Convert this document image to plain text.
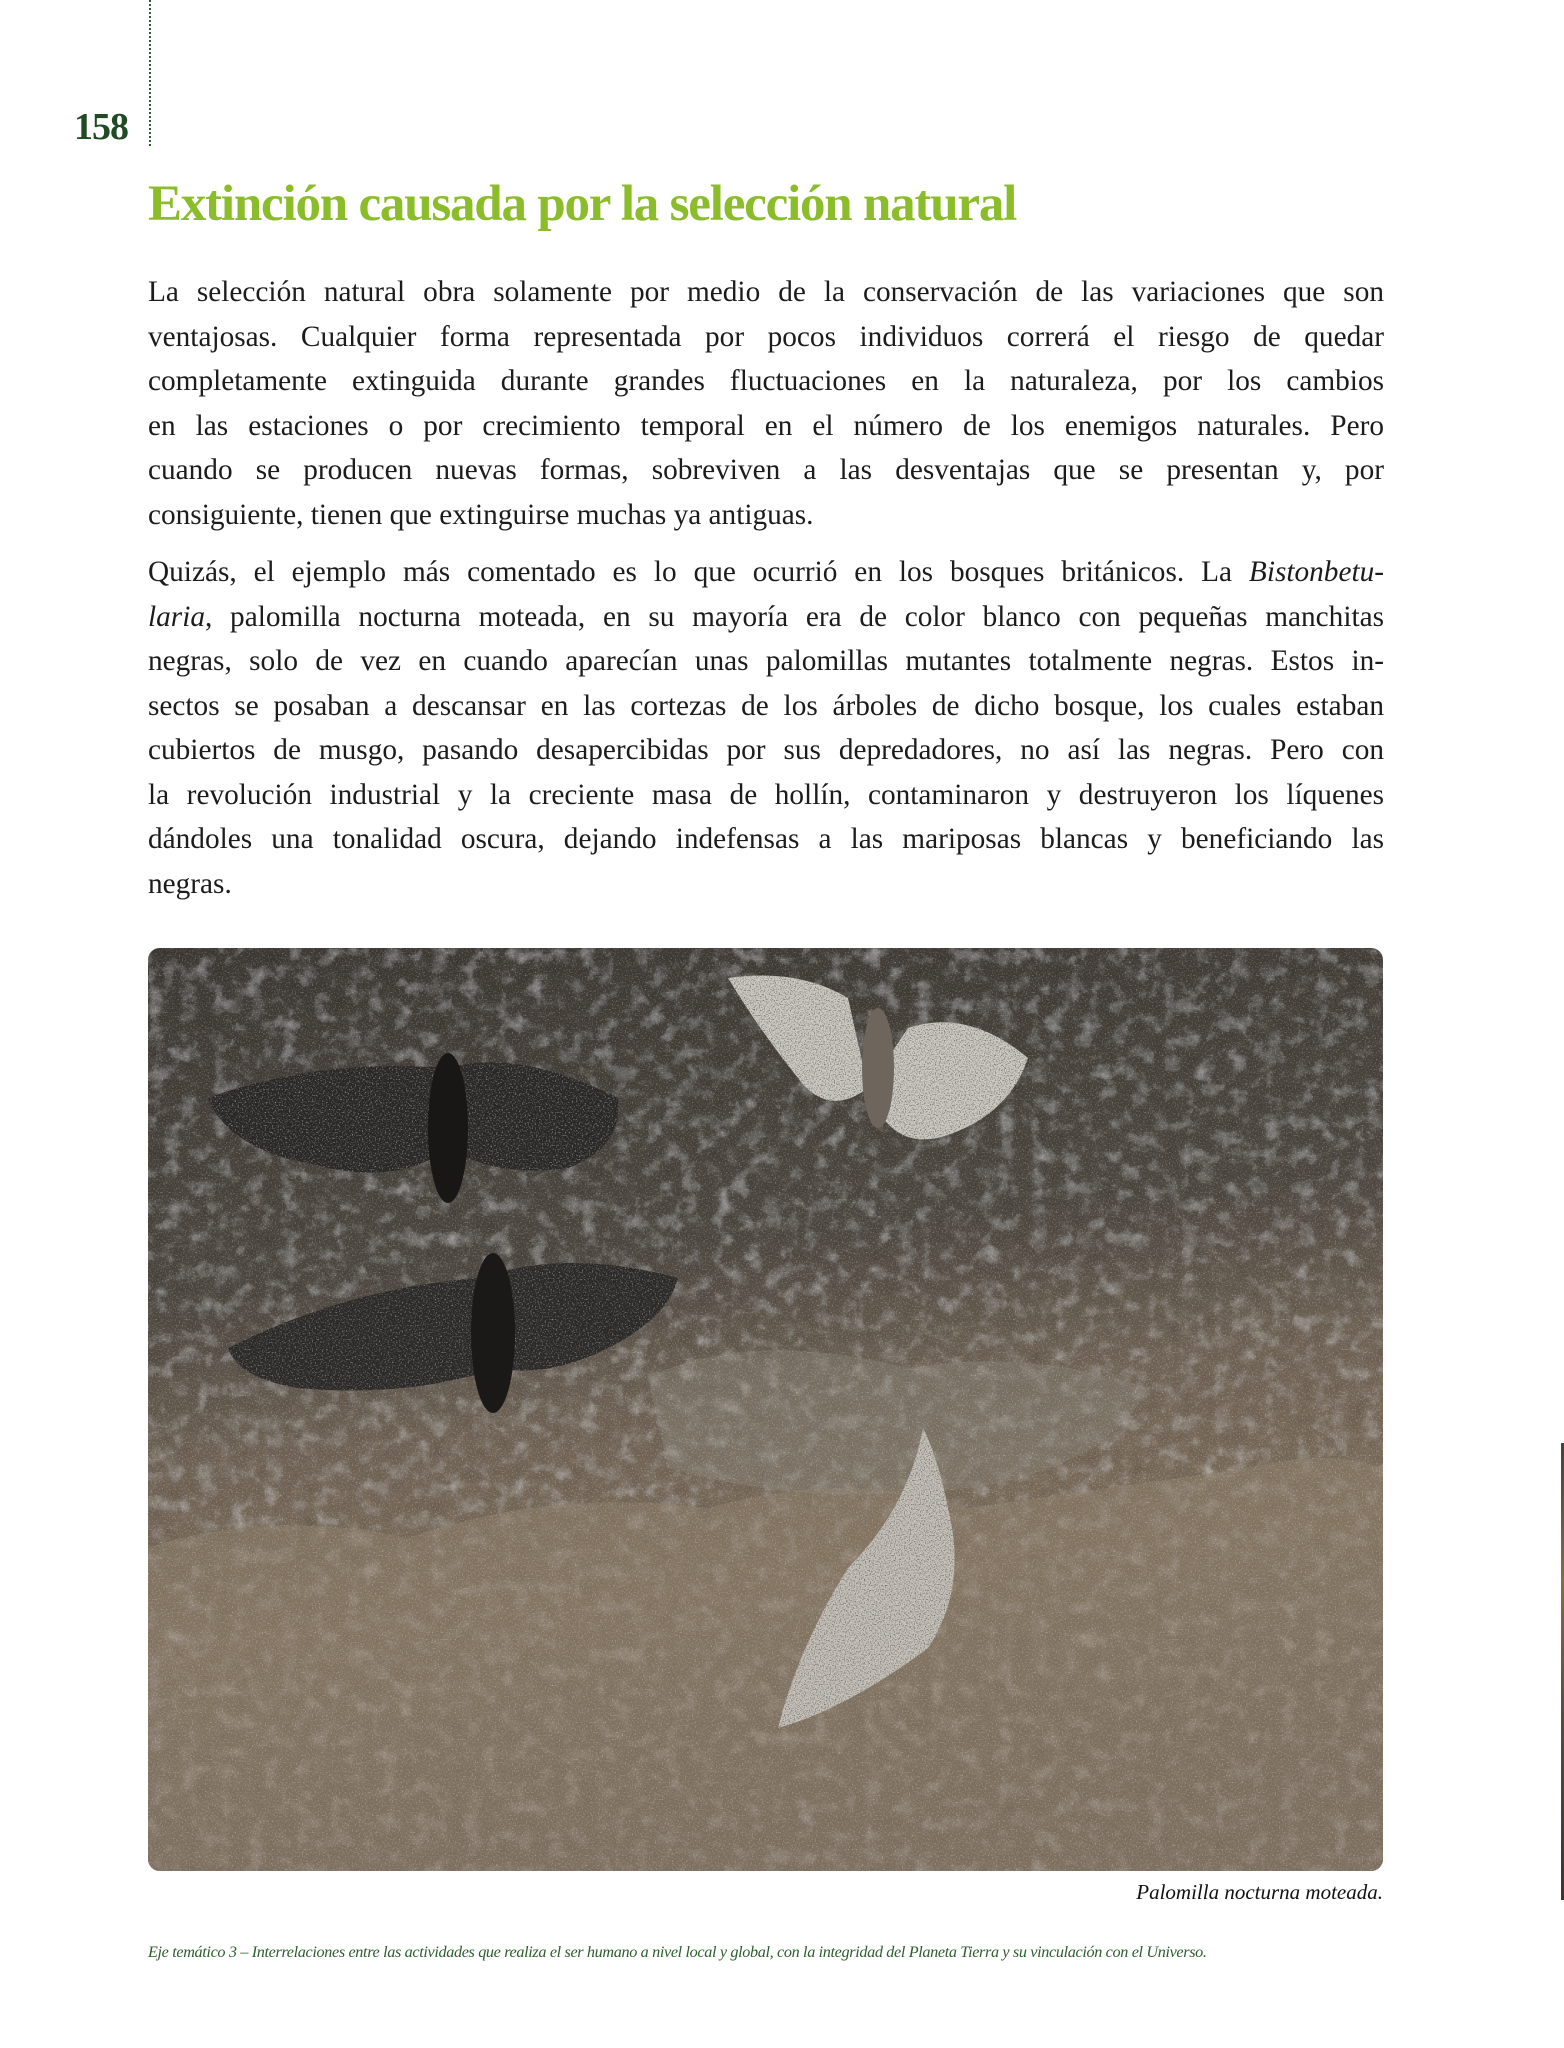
158
Extinción causada por la selección natural
La selección natural obra solamente por medio de la conservación de las variaciones que son
ventajosas. Cualquier forma representada por pocos individuos correrá el riesgo de quedar
completamente extinguida durante grandes fluctuaciones en la naturaleza, por los cambios
en las estaciones o por crecimiento temporal en el número de los enemigos naturales. Pero
cuando se producen nuevas formas, sobreviven a las desventajas que se presentan y, por
consiguiente, tienen que extinguirse muchas ya antiguas.
Quizás, el ejemplo más comentado es lo que ocurrió en los bosques británicos. La Bistonbetu-
laria, palomilla nocturna moteada, en su mayoría era de color blanco con pequeñas manchitas
negras, solo de vez en cuando aparecían unas palomillas mutantes totalmente negras. Estos in-
sectos se posaban a descansar en las cortezas de los árboles de dicho bosque, los cuales estaban
cubiertos de musgo, pasando desapercibidas por sus depredadores, no así las negras. Pero con
la revolución industrial y la creciente masa de hollín, contaminaron y destruyeron los líquenes
dándoles una tonalidad oscura, dejando indefensas a las mariposas blancas y beneficiando las
negras.
Palomilla nocturna moteada.
Eje temático 3 – Interrelaciones entre las actividades que realiza el ser humano a nivel local y global, con la integridad del Planeta Tierra y su vinculación con el Universo.
